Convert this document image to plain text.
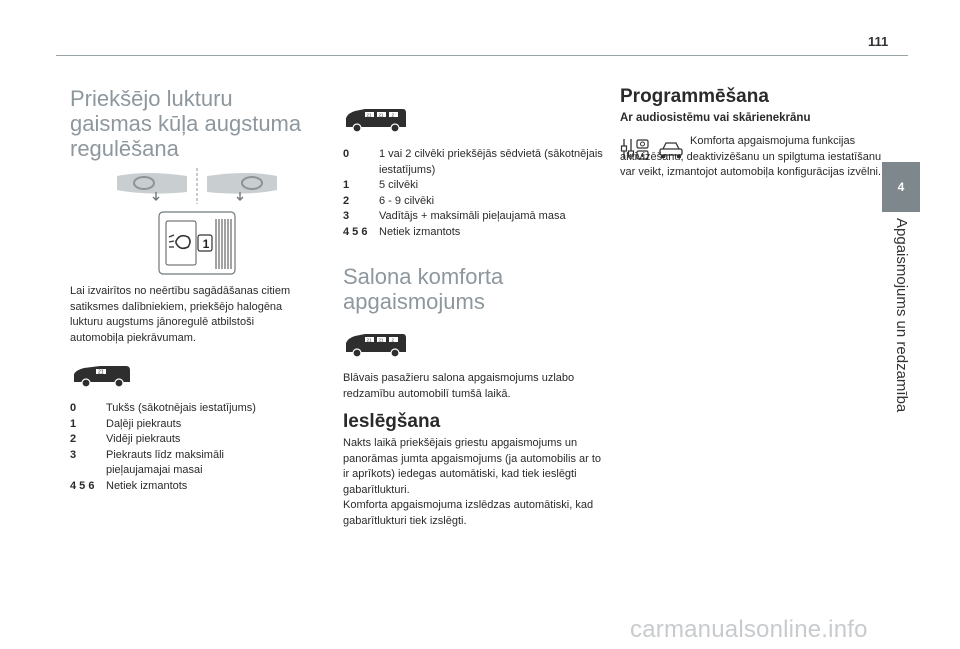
111
4
Apgaismojums un redzamība
Priekšējo lukturu gaismas kūļa augstuma regulēšana
1

Lai izvairītos no neērtību sagādāšanas citiem satiksmes dalībniekiem, priekšējo halogēna lukturu augstums jānoregulē atbilstoši automobiļa piekrāvumam.

21
0	Tukšs (sākotnējais iestatījums)
1	Daļēji piekrauts
2	Vidēji piekrauts
3	Piekrauts līdz maksimāli pieļaujamajai masai
4 5 6	Netiek izmantots
21 21 2
0	1 vai 2 cilvēki priekšējās sēdvietā (sākotnējais iestatījums)
1	5 cilvēki
2	6 - 9 cilvēki
3	Vadītājs + maksimāli pieļaujamā masa
4 5 6	Netiek izmantots
Salona komforta apgaismojums
21 21 2

Blāvais pasažieru salona apgaismojums uzlabo redzamību automobilī tumšā laikā.

Ieslēgšana

Nakts laikā priekšējais griestu apgaismojums un panorāmas jumta apgaismojums (ja automobilis ar to ir aprīkots) iedegas automātiski, kad tiek ieslēgti gabarītlukturi.

Komforta apgaismojuma izslēdzas automātiski, kad gabarītlukturi tiek izslēgti.

Programmēšana
Ar audiosistēmu vai skārienekrānu

Komforta apgaismojuma funkcijas aktivizēšanu, deaktivizēšanu un spilgtuma iestatīšanu var veikt, izmantojot automobiļa konfigurācijas izvēlni.

carmanualsonline.info
